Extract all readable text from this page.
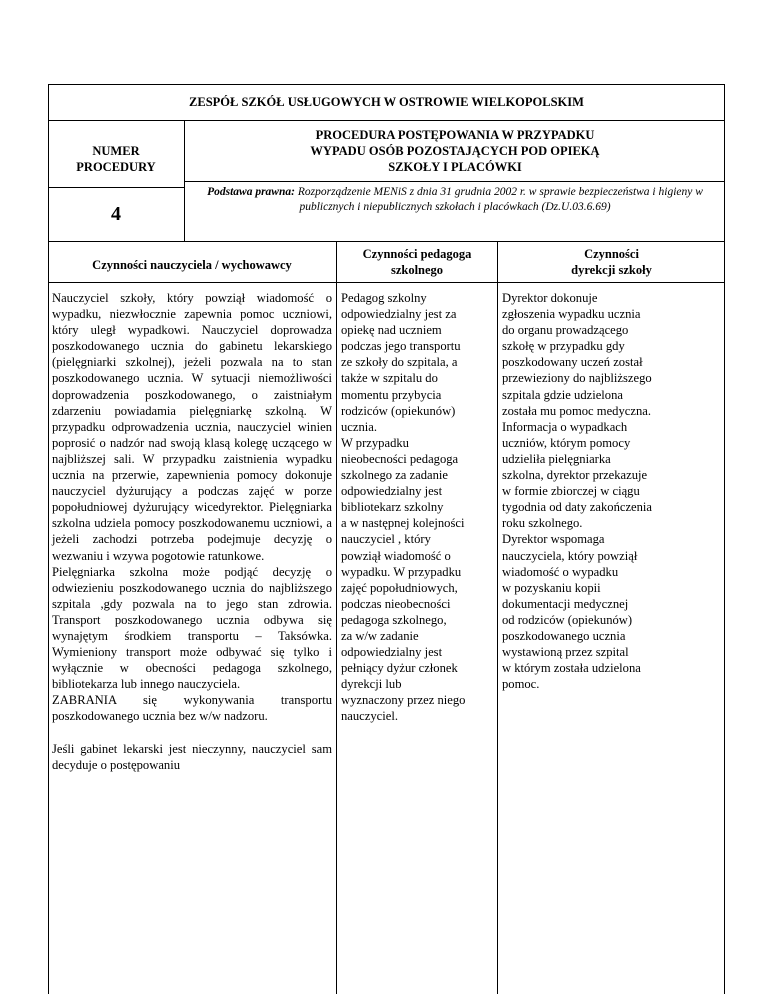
ZESPÓŁ SZKÓŁ USŁUGOWYCH W OSTROWIE WIELKOPOLSKIM
NUMER
PROCEDURY
PROCEDURA POSTĘPOWANIA W PRZYPADKU
WYPADU OSÓB POZOSTAJĄCYCH POD OPIEKĄ
SZKOŁY I PLACÓWKI
4
Podstawa prawna: Rozporządzenie MENiS z dnia 31 grudnia 2002 r. w sprawie bezpieczeństwa i higieny w publicznych i niepublicznych szkołach i placówkach (Dz.U.03.6.69)
Czynności nauczyciela / wychowawcy
Czynności pedagoga
szkolnego
Czynności
dyrekcji szkoły

Nauczyciel szkoły, który powziął wiadomość o wypadku, niezwłocznie zapewnia pomoc uczniowi, który uległ wypadkowi. Nauczyciel doprowadza poszkodowanego ucznia do gabinetu lekarskiego (pielęgniarki szkolnej), jeżeli pozwala na to stan poszkodowanego ucznia. W sytuacji niemożliwości doprowadzenia poszkodowanego, o zaistniałym zdarzeniu powiadamia pielęgniarkę szkolną. W przypadku odprowadzenia ucznia, nauczyciel winien poprosić o nadzór nad swoją klasą kolegę uczącego w najbliższej sali. W przypadku zaistnienia wypadku ucznia na przerwie, zapewnienia pomocy dokonuje nauczyciel dyżurujący a podczas zajęć w porze popołudniowej dyżurujący wicedyrektor. Pielęgniarka szkolna udziela pomocy poszkodowanemu uczniowi, a jeżeli zachodzi potrzeba podejmuje decyzję o wezwaniu i wzywa pogotowie ratunkowe.

Pielęgniarka szkolna może podjąć decyzję o odwiezieniu poszkodowanego ucznia do najbliższego szpitala ,gdy pozwala na to jego stan zdrowia. Transport poszkodowanego ucznia odbywa się wynajętym środkiem transportu – Taksówka. Wymieniony transport może odbywać się tylko i wyłącznie w obecności pedagoga szkolnego, bibliotekarza lub innego nauczyciela.

ZABRANIA się wykonywania transportu poszkodowanego ucznia bez w/w nadzoru.

Jeśli gabinet lekarski jest nieczynny, nauczyciel sam decyduje o postępowaniu

Pedagog szkolny
odpowiedzialny jest za
opiekę nad uczniem
podczas jego transportu
ze szkoły do szpitala, a
także w szpitalu do
momentu przybycia
rodziców (opiekunów)
ucznia.
W przypadku
nieobecności pedagoga
szkolnego za zadanie
odpowiedzialny jest
bibliotekarz szkolny
a w następnej kolejności
nauczyciel , który
powziął wiadomość o
wypadku. W przypadku
zajęć popołudniowych,
podczas nieobecności
pedagoga szkolnego,
za w/w zadanie
odpowiedzialny jest
pełniący dyżur członek
dyrekcji lub
wyznaczony przez niego
nauczyciel.
Dyrektor dokonuje
zgłoszenia wypadku ucznia
do organu prowadzącego
szkołę w przypadku gdy
poszkodowany uczeń został
przewieziony do najbliższego
szpitala gdzie udzielona
została mu pomoc medyczna.
Informacja o wypadkach
uczniów, którym pomocy
udzieliła pielęgniarka
szkolna, dyrektor przekazuje
w formie zbiorczej w ciągu
tygodnia od daty zakończenia
roku szkolnego.
Dyrektor wspomaga
nauczyciela, który powziął
wiadomość o wypadku
w pozyskaniu kopii
dokumentacji medycznej
od rodziców (opiekunów)
poszkodowanego ucznia
wystawioną przez szpital
w którym została udzielona
pomoc.
